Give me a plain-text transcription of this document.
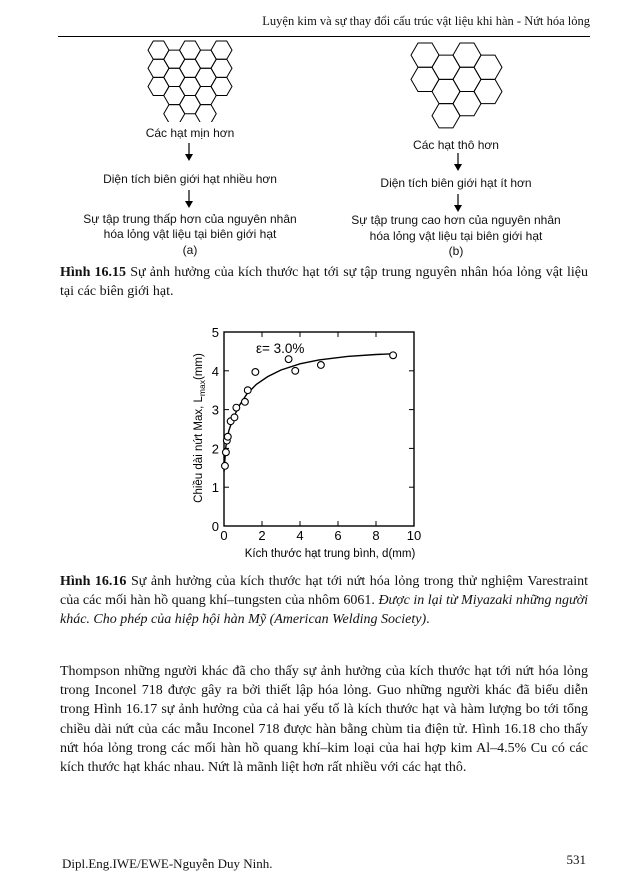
Luyện kim và sự thay đổi cấu trúc vật liệu khi hàn - Nứt hóa lỏng
Các hạt mịn hơn
Diện tích biên giới hạt nhiều hơn
Sự tập trung thấp hơn của nguyên nhân
hóa lỏng vật liệu tại biên giới hạt
(a)
Các hạt thô hơn
Diện tích biên giới hạt ít hơn
Sự tập trung cao hơn của nguyên nhân
hóa lỏng vật liệu tại biên giới hạt
(b)
Hình 16.15 Sự ảnh hưởng của kích thước hạt tới sự tập trung nguyên nhân hóa lỏng vật liệu tại các biên giới hạt.
0 2 4 6 8 10
0
1
2
3
4
5
ε= 3.0%
Kích thước hạt trung bình, d(mm)
Chiều dài nứt Max, $L_{max}(mm)$
Hình 16.16 Sự ảnh hưởng của kích thước hạt tới nứt hóa lỏng trong thử nghiệm Varestraint của các mối hàn hồ quang khí–tungsten của nhôm 6061. Được in lại từ Miyazaki những người khác. Cho phép của hiệp hội hàn Mỹ (American Welding Society).
Thompson những người khác đã cho thấy sự ảnh hưởng của kích thước hạt tới nứt hóa lỏng trong Inconel 718 được gây ra bởi thiết lập hóa lỏng. Guo những người khác đã biểu diễn trong Hình 16.17 sự ảnh hưởng của cả hai yếu tố là kích thước hạt và hàm lượng bo tới tổng chiều dài nứt của các mẫu Inconel 718 được hàn bằng chùm tia điện tử. Hình 16.18 cho thấy nứt hóa lỏng trong các mối hàn hồ quang khí–kim loại của hai hợp kim Al–4.5% Cu có các kích thước hạt khác nhau. Nứt là mãnh liệt hơn rất nhiều với các hạt thô.
Dipl.Eng.IWE/EWE-Nguyễn Duy Ninh.	531
